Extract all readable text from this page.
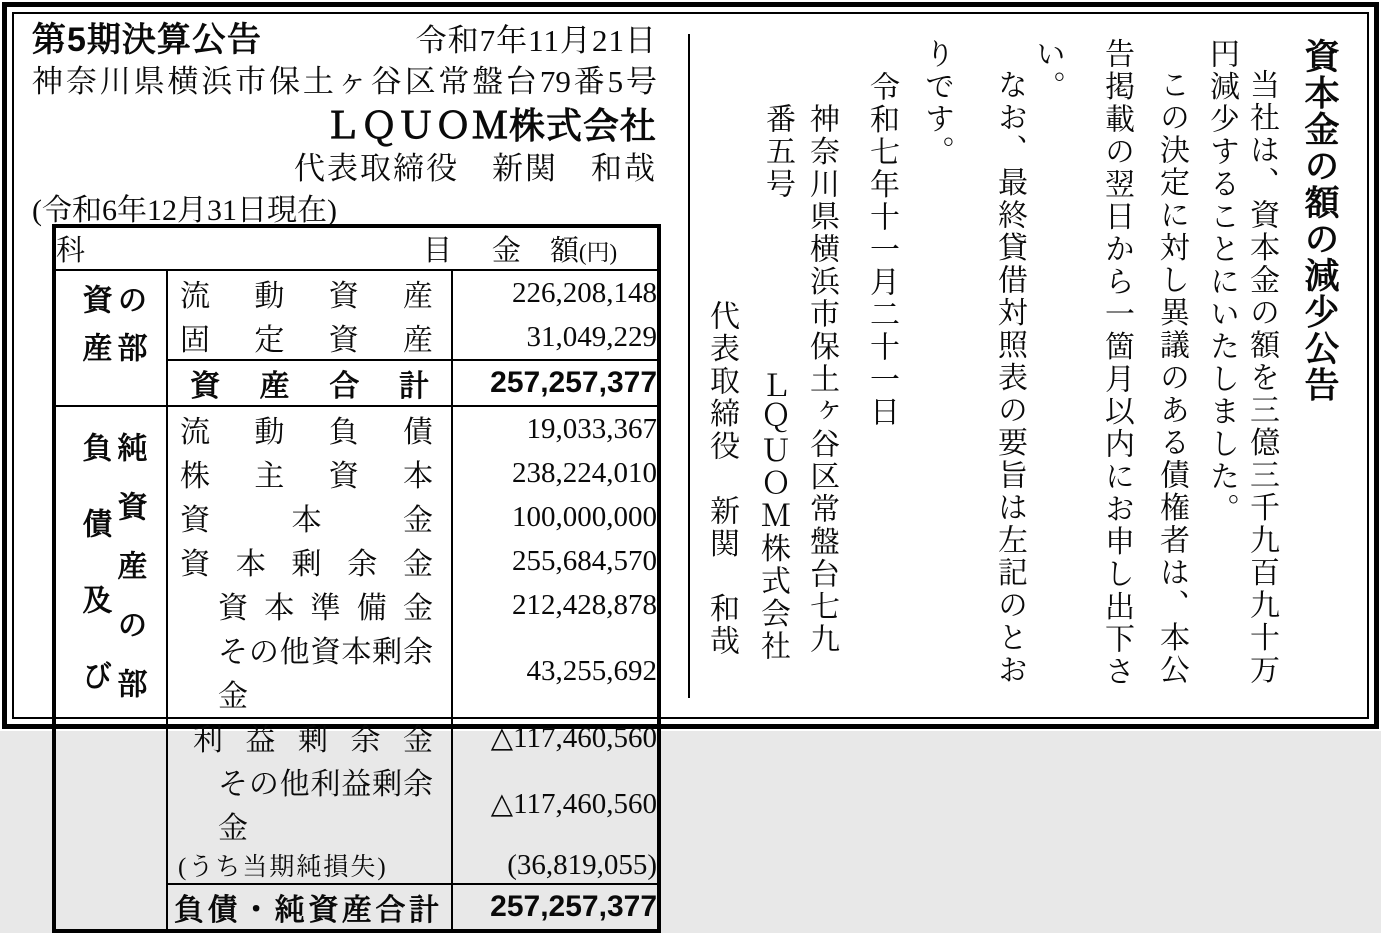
第5期決算公告	令和7年11月21日
神奈川県横浜市保土ヶ谷区常盤台79番5号
ＬＱＵＯＭ株式会社
代表取締役　新関　和哉
(令和6年12月31日現在)
科目		金　額(円)

資産 の部	流動資産	226,208,148

	固定資産	31,049,229

	資産合計	257,257,377

負債及び 純資産の部	流動負債	19,033,367

	株主資本	238,224,010

	資本金	100,000,000

	資本剰余金	255,684,570

	資本準備金	212,428,878

	その他資本剰余金	43,255,692

	利益剰余金	△117,460,560

	その他利益剰余金	△117,460,560

	(うち当期純損失)	(36,819,055)

	負債・純資産合計	257,257,377
資本金の額の減少公告
当社は、資本金の額を三億三千九百九十万
円減少することにいたしました。
この決定に対し異議のある債権者は、本公
告掲載の翌日から一箇月以内にお申し出下さ
い。
なお、最終貸借対照表の要旨は左記のとお
りです。
令和七年十一月二十一日
神奈川県横浜市保土ヶ谷区常盤台七九
番五号
ＬＱＵＯＭ株式会社
代表取締役　新関　和哉
